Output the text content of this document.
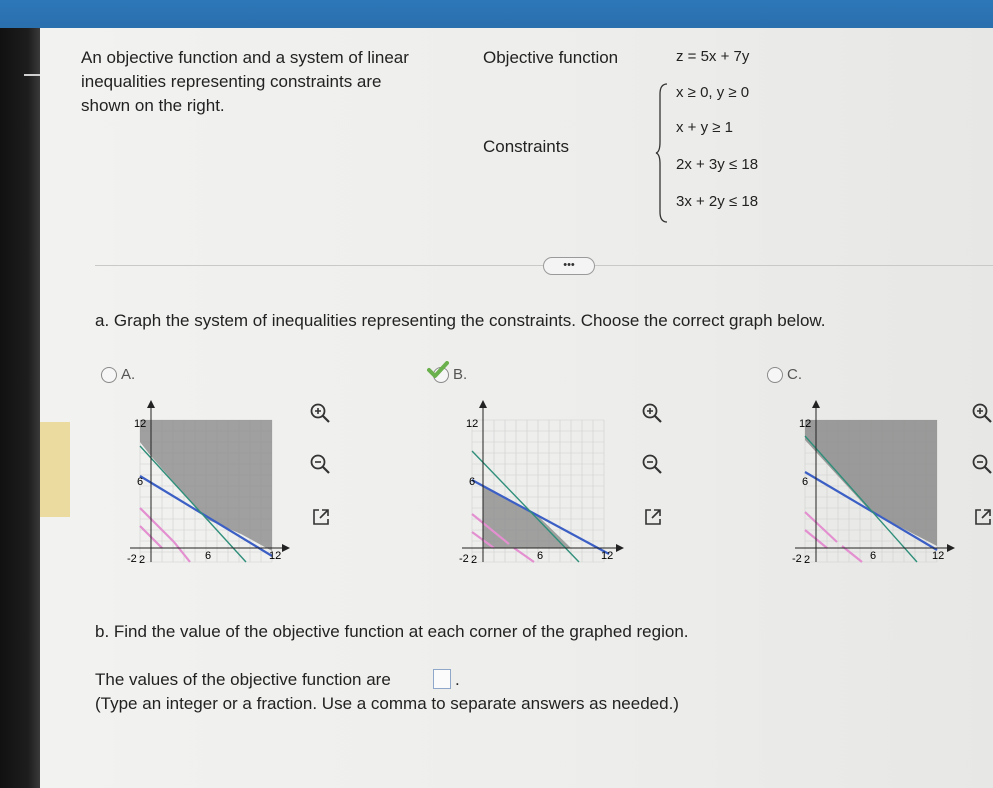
An objective function and a system of linear
inequalities representing constraints are
shown on the right.
Objective function	z = 5x + 7y
Constraints
x ≥ 0, y ≥ 0
x + y ≥ 1
2x + 3y ≤ 18
3x + 2y ≤ 18
•••
a. Graph the system of inequalities representing the constraints. Choose the correct graph below.
A.	B.	C.
12
6
-2 2	6	12
12
6
-2 2	6	12
12
6
-2 2	6	12
b. Find the value of the objective function at each corner of the graphed region.
The values of the objective function are	.
(Type an integer or a fraction. Use a comma to separate answers as needed.)
